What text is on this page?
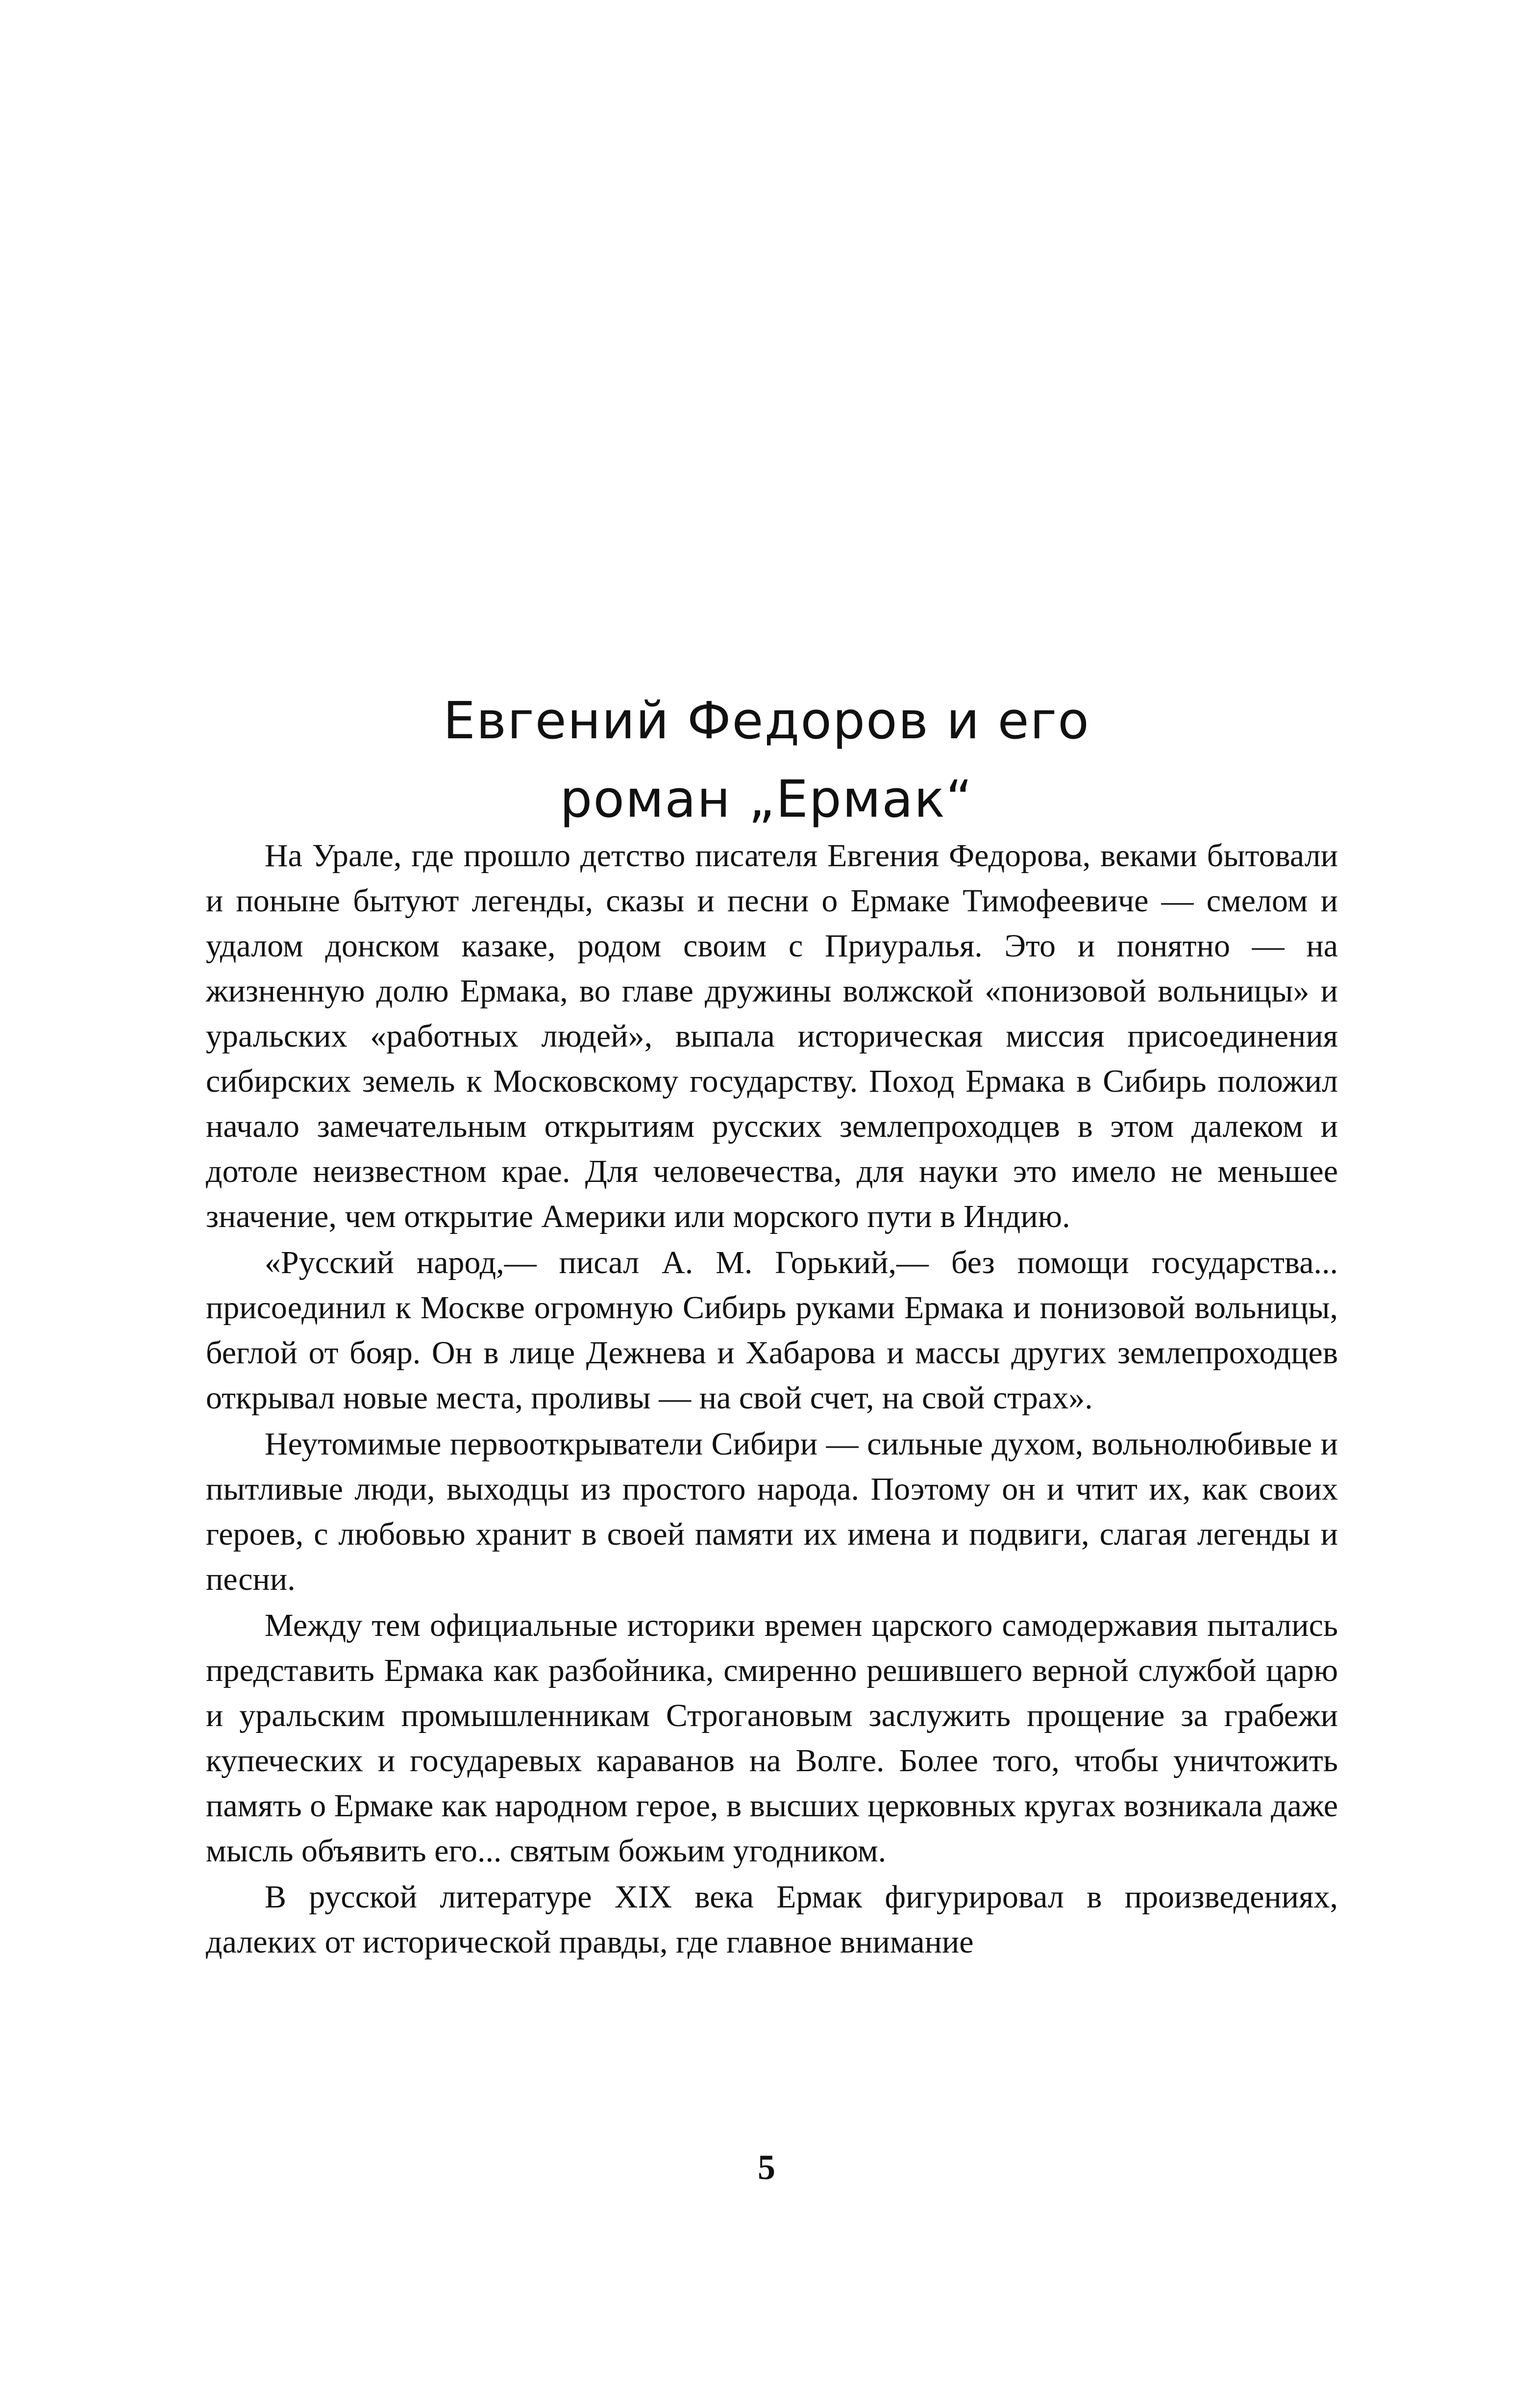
Евгений Федоров и его
роман „Ермак“

На Урале, где прошло детство писателя Евгения Федорова, веками бытовали и поныне бытуют легенды, сказы и песни о Ермаке Тимофеевиче — смелом и удалом донском казаке, родом своим с Приуралья. Это и понятно — на жизненную долю Ермака, во главе дружины волжской «понизовой вольницы» и уральских «работных людей», выпала историческая миссия присоединения сибирских земель к Московскому государству. Поход Ермака в Сибирь положил начало замечательным открытиям русских землепроходцев в этом далеком и дотоле неизвестном крае. Для человечества, для науки это имело не меньшее значение, чем открытие Америки или морского пути в Индию.

«Русский народ,— писал А. М. Горький,— без помощи государства... присоединил к Москве огромную Сибирь руками Ермака и понизовой вольницы, беглой от бояр. Он в лице Дежнева и Хабарова и массы других землепроходцев открывал новые места, проливы — на свой счет, на свой страх».

Неутомимые первооткрыватели Сибири — сильные духом, вольнолюбивые и пытливые люди, выходцы из простого народа. Поэтому он и чтит их, как своих героев, с любовью хранит в своей памяти их имена и подвиги, слагая легенды и песни.

Между тем официальные историки времен царского самодержавия пытались представить Ермака как разбойника, смиренно решившего верной службой царю и уральским промышленникам Строгановым заслужить прощение за грабежи купеческих и государевых караванов на Волге. Более того, чтобы уничтожить память о Ермаке как народном герое, в высших церковных кругах возникала даже мысль объявить его... святым божьим угодником.

В русской литературе XIX века Ермак фигурировал в произведениях, далеких от исторической правды, где главное внимание

5
